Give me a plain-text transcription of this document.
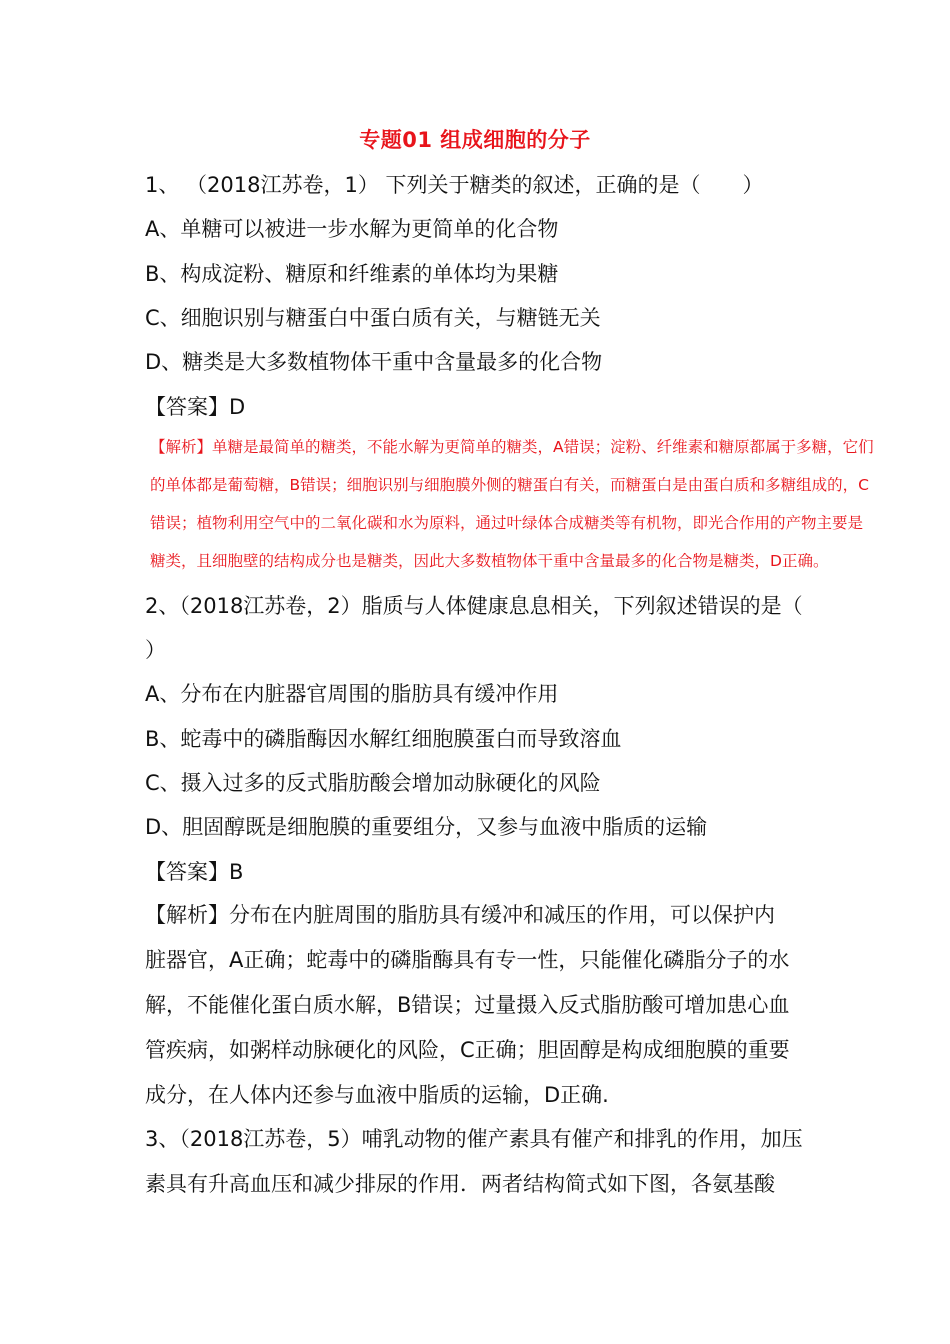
专题01 组成细胞的分子
1、 （2018江苏卷，1） 下列关于糖类的叙述，正确的是（　　）
A、单糖可以被进一步水解为更简单的化合物
B、构成淀粉、糖原和纤维素的单体均为果糖
C、细胞识别与糖蛋白中蛋白质有关，与糖链无关
D、糖类是大多数植物体干重中含量最多的化合物
【答案】D
【解析】单糖是最简单的糖类，不能水解为更简单的糖类，A错误；淀粉、纤维素和糖原都属于多糖，它们
的单体都是葡萄糖，B错误；细胞识别与细胞膜外侧的糖蛋白有关，而糖蛋白是由蛋白质和多糖组成的，C
错误；植物利用空气中的二氧化碳和水为原料，通过叶绿体合成糖类等有机物，即光合作用的产物主要是
糖类，且细胞壁的结构成分也是糖类，因此大多数植物体干重中含量最多的化合物是糖类，D正确。
2、（2018江苏卷，2）脂质与人体健康息息相关，下列叙述错误的是（
）
A、分布在内脏器官周围的脂肪具有缓冲作用
B、蛇毒中的磷脂酶因水解红细胞膜蛋白而导致溶血
C、摄入过多的反式脂肪酸会增加动脉硬化的风险
D、胆固醇既是细胞膜的重要组分，又参与血液中脂质的运输
【答案】B
【解析】分布在内脏周围的脂肪具有缓冲和减压的作用，可以保护内
脏器官，A正确；蛇毒中的磷脂酶具有专一性，只能催化磷脂分子的水
解，不能催化蛋白质水解，B错误；过量摄入反式脂肪酸可增加患心血
管疾病，如粥样动脉硬化的风险，C正确；胆固醇是构成细胞膜的重要
成分，在人体内还参与血液中脂质的运输，D正确.
3、（2018江苏卷，5）哺乳动物的催产素具有催产和排乳的作用，加压
素具有升高血压和减少排尿的作用．两者结构简式如下图，各氨基酸
